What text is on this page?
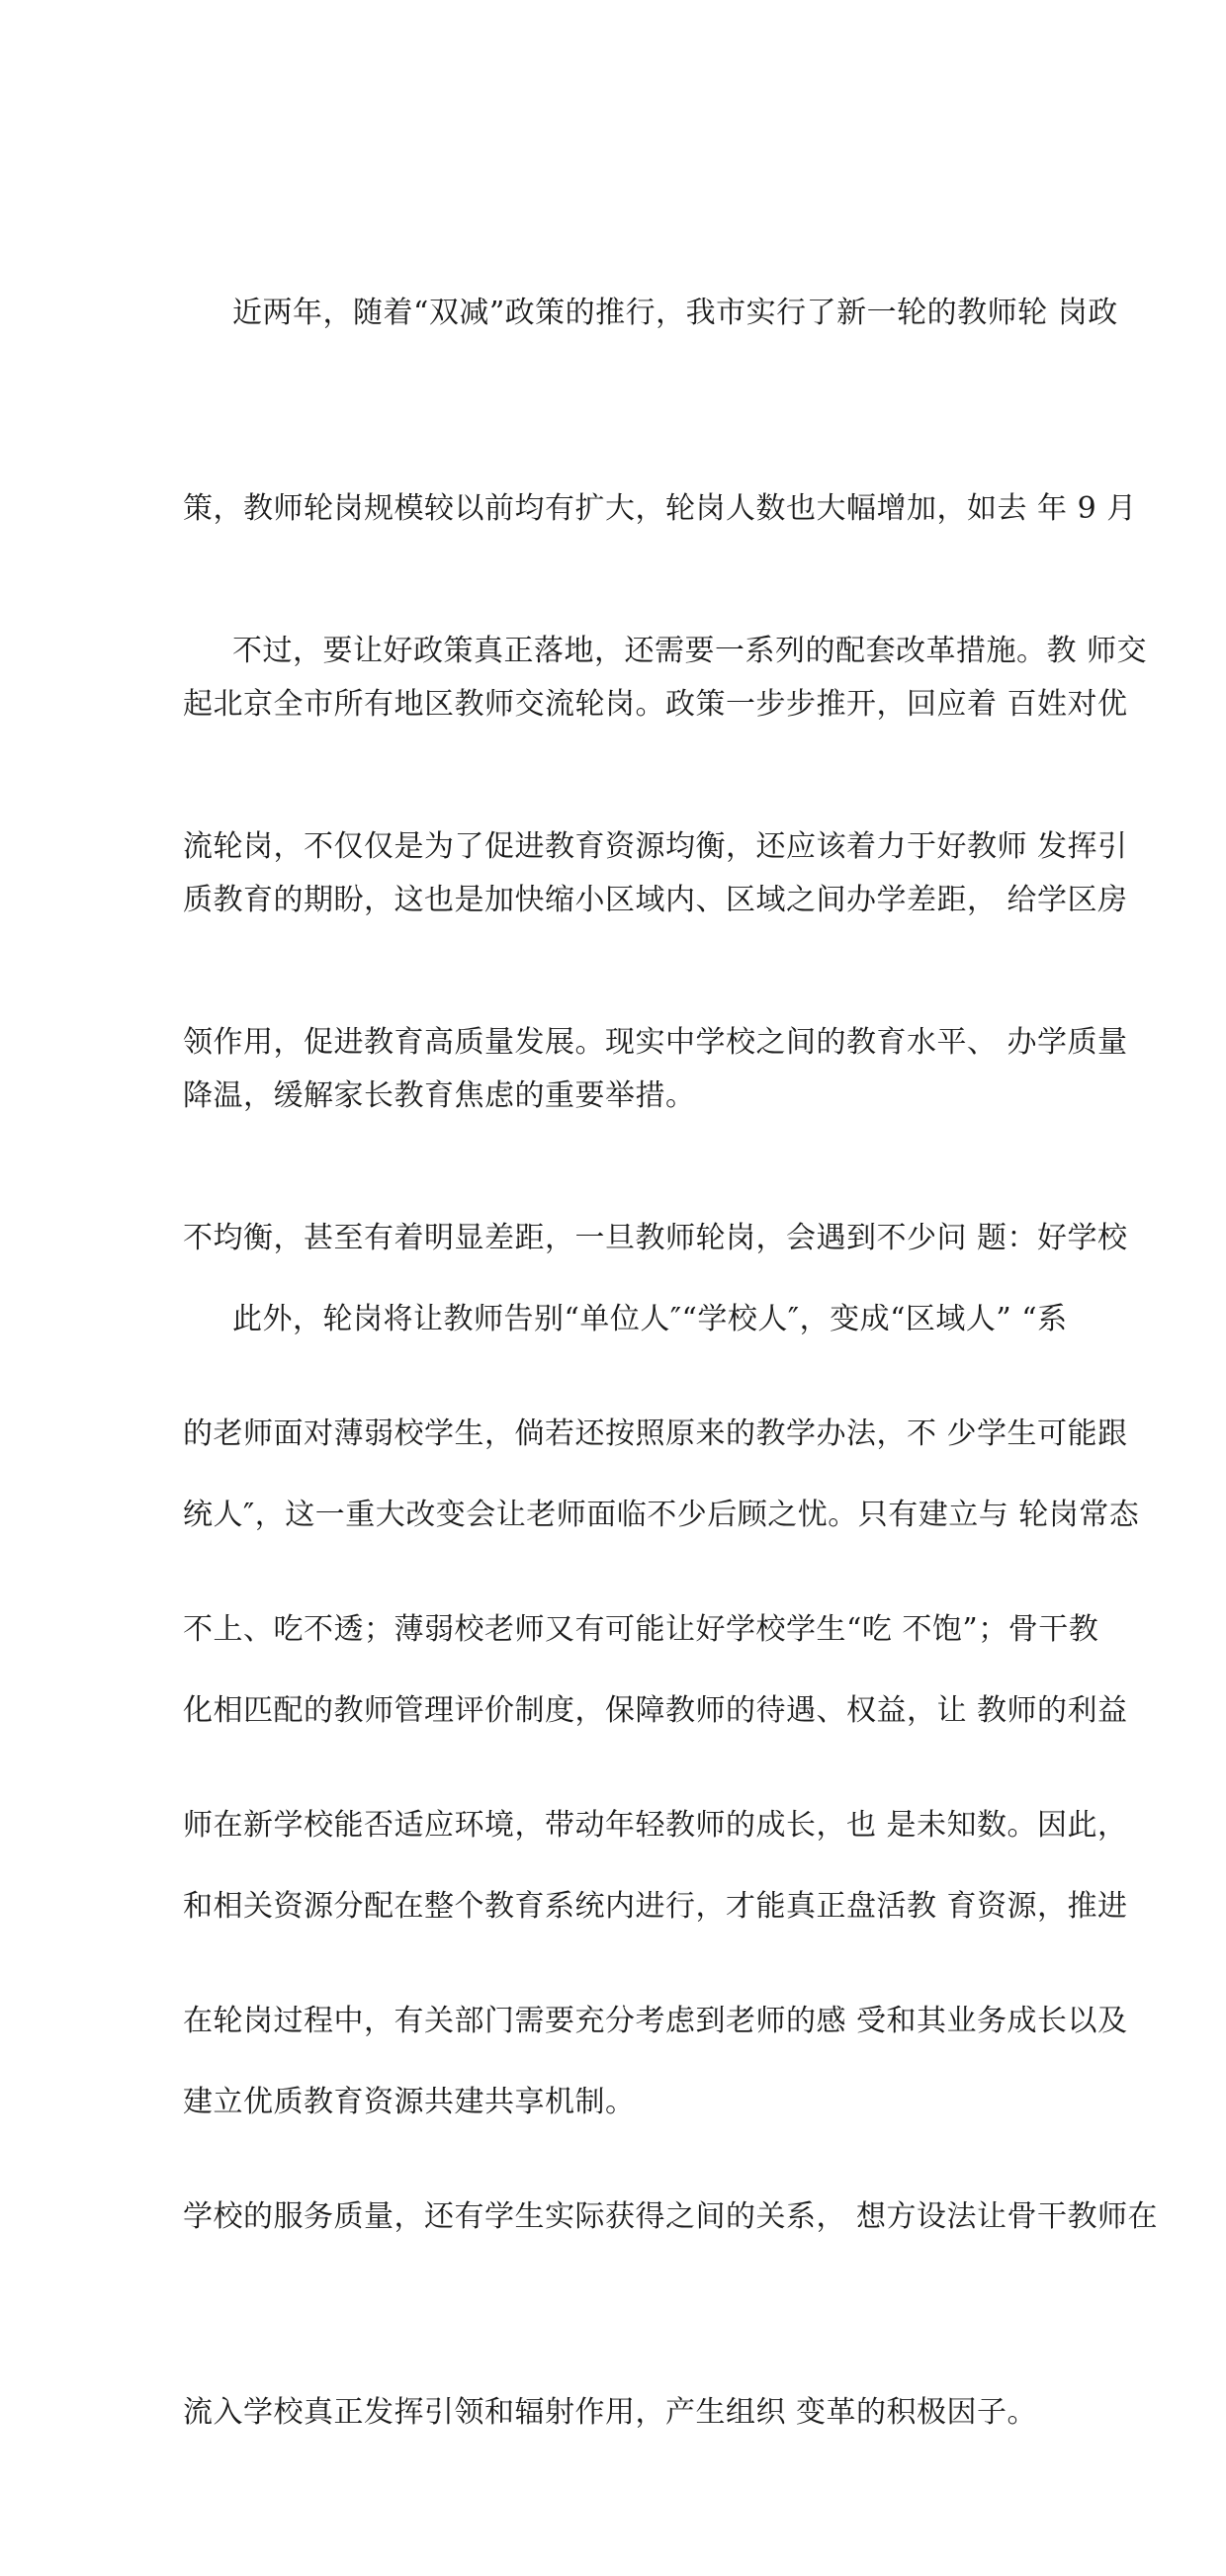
近两年，随着“双减”政策的推行，我市实行了新一轮的教师轮 岗政

策，教师轮岗规模较以前均有扩大，轮岗人数也大幅增加，如去 年 9 月

起北京全市所有地区教师交流轮岗。政策一步步推开，回应着 百姓对优

质教育的期盼，这也是加快缩小区域内、区域之间办学差距， 给学区房

降温，缓解家长教育焦虑的重要举措。

不过，要让好政策真正落地，还需要一系列的配套改革措施。教 师交

流轮岗，不仅仅是为了促进教育资源均衡，还应该着力于好教师 发挥引

领作用，促进教育高质量发展。现实中学校之间的教育水平、 办学质量

不均衡，甚至有着明显差距，一旦教师轮岗，会遇到不少问 题：好学校

的老师面对薄弱校学生，倘若还按照原来的教学办法，不 少学生可能跟

不上、吃不透；薄弱校老师又有可能让好学校学生“吃 不饱”；骨干教

师在新学校能否适应环境，带动年轻教师的成长，也 是未知数。因此，

在轮岗过程中，有关部门需要充分考虑到老师的感 受和其业务成长以及

学校的服务质量，还有学生实际获得之间的关系， 想方设法让骨干教师在

流入学校真正发挥引领和辐射作用，产生组织 变革的积极因子。

此外，轮岗将让教师告别“单位人″“学校人″，变成“区域人” “系

统人″，这一重大改变会让老师面临不少后顾之忧。只有建立与 轮岗常态

化相匹配的教师管理评价制度，保障教师的待遇、权益，让 教师的利益

和相关资源分配在整个教育系统内进行，才能真正盘活教 育资源，推进

建立优质教育资源共建共享机制。
